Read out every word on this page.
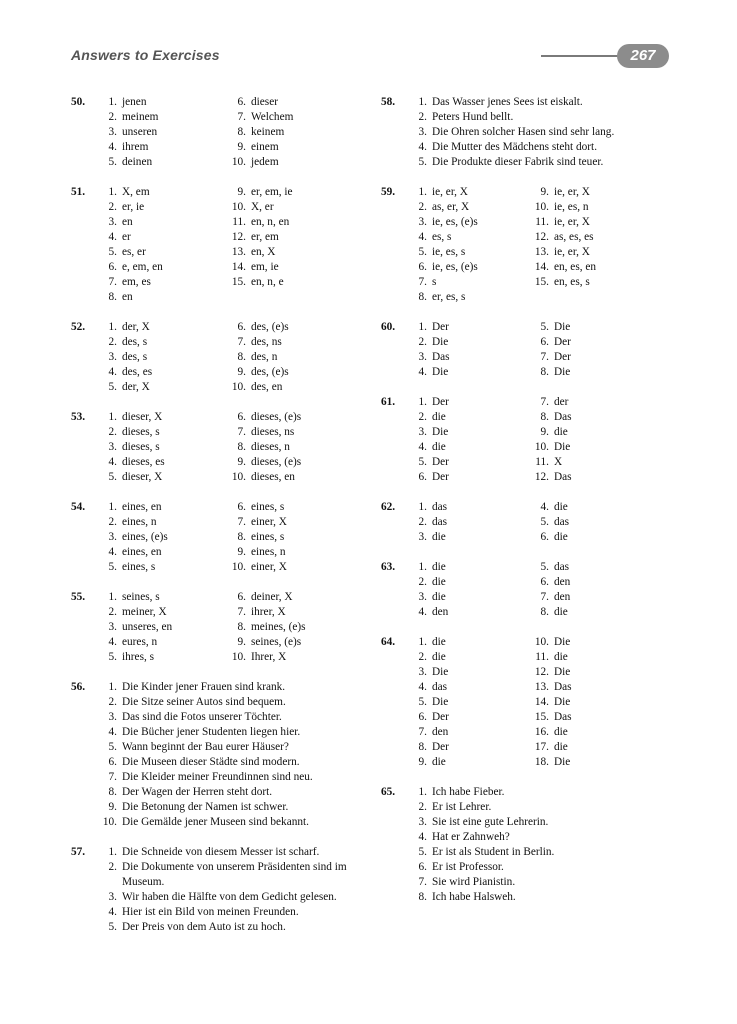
Answers to Exercises	267
50. 1. jenen
2. meinem
3. unseren
4. ihrem
5. deinen
6. dieser
7. Welchem
8. keinem
9. einem
10. jedem
51. 1. X, em
2. er, ie
3. en
4. er
5. es, er
6. e, em, en
7. em, es
8. en
9. er, em, ie
10. X, er
11. en, n, en
12. er, em
13. en, X
14. em, ie
15. en, n, e
52. 1. der, X
2. des, s
3. des, s
4. des, es
5. der, X
6. des, (e)s
7. des, ns
8. des, n
9. des, (e)s
10. des, en
53. 1. dieser, X
2. dieses, s
3. dieses, s
4. dieses, es
5. dieser, X
6. dieses, (e)s
7. dieses, ns
8. dieses, n
9. dieses, (e)s
10. dieses, en
54. 1. eines, en
2. eines, n
3. eines, (e)s
4. eines, en
5. eines, s
6. eines, s
7. einer, X
8. eines, s
9. eines, n
10. einer, X
55. 1. seines, s
2. meiner, X
3. unseres, en
4. eures, n
5. ihres, s
6. deiner, X
7. ihrer, X
8. meines, (e)s
9. seines, (e)s
10. Ihrer, X
56. 1. Die Kinder jener Frauen sind krank.
2. Die Sitze seiner Autos sind bequem.
3. Das sind die Fotos unserer Töchter.
4. Die Bücher jener Studenten liegen hier.
5. Wann beginnt der Bau eurer Häuser?
6. Die Museen dieser Städte sind modern.
7. Die Kleider meiner Freundinnen sind neu.
8. Der Wagen der Herren steht dort.
9. Die Betonung der Namen ist schwer.
10. Die Gemälde jener Museen sind bekannt.
57. 1. Die Schneide von diesem Messer ist scharf.
2. Die Dokumente von unserem Präsidenten sind im Museum.
3. Wir haben die Hälfte von dem Gedicht gelesen.
4. Hier ist ein Bild von meinen Freunden.
5. Der Preis von dem Auto ist zu hoch.
58. 1. Das Wasser jenes Sees ist eiskalt.
2. Peters Hund bellt.
3. Die Ohren solcher Hasen sind sehr lang.
4. Die Mutter des Mädchens steht dort.
5. Die Produkte dieser Fabrik sind teuer.
59. 1. ie, er, X
2. as, er, X
3. ie, es, (e)s
4. es, s
5. ie, es, s
6. ie, es, (e)s
7. s
8. er, es, s
9. ie, er, X
10. ie, es, n
11. ie, er, X
12. as, es, es
13. ie, er, X
14. en, es, en
15. en, es, s
60. 1. Der
2. Die
3. Das
4. Die
5. Die
6. Der
7. Der
8. Die
61. 1. Der
2. die
3. Die
4. die
5. Der
6. Der
7. der
8. Das
9. die
10. Die
11. X
12. Das
62. 1. das
2. das
3. die
4. die
5. das
6. die
63. 1. die
2. die
3. die
4. den
5. das
6. den
7. den
8. die
64. 1. die
2. die
3. Die
4. das
5. Die
6. Der
7. den
8. Der
9. die
10. Die
11. die
12. Die
13. Das
14. Die
15. Das
16. die
17. die
18. Die
65. 1. Ich habe Fieber.
2. Er ist Lehrer.
3. Sie ist eine gute Lehrerin.
4. Hat er Zahnweh?
5. Er ist als Student in Berlin.
6. Er ist Professor.
7. Sie wird Pianistin.
8. Ich habe Halsweh.
